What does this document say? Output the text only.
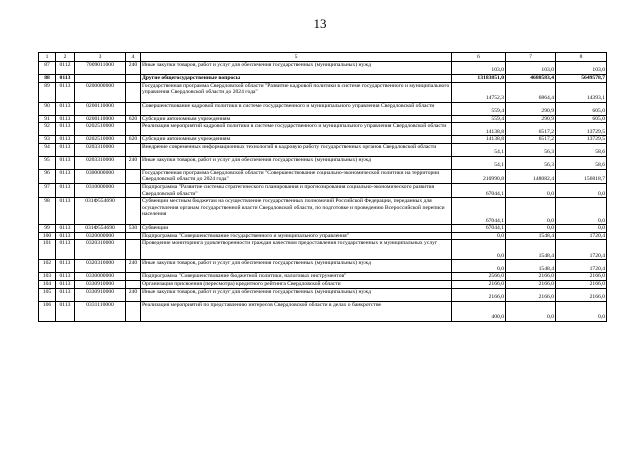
13
1	2	3	4	5	6	7	8
87	0112	7009011000	240	Иные закупки товаров, работ и услуг для обеспечения государственных (муниципальных) нужд	103,0	103,0	103,0
88	0113			Другие общегосударственные вопросы	13183851,0	4680583,4	5649578,7
89	0113	0200000000		Государственная программа Свердловской области "Развитие кадровой политики в системе государственного и муниципального управления Свердловской области до 2024 года"	14752,3	6864,4	14393,1
90	0113	0200110000		Совершенствование кадровой политики в системе государственного и муниципального управления Свердловской области	559,4	290,9	605,0
91	0113	0200110000	620	Субсидии автономным учреждениям	559,4	290,9	605,0
92	0113	0202510000		Реализация мероприятий кадровой политики в системе государственного и муниципального управления Свердловской области	14138,8	6517,2	13729,5
93	0113	0202510000	620	Субсидии автономным учреждениям	14138,8	6517,2	13729,5
94	0113	0203310000		Внедрение современных информационных технологий в кадровую работу государственных органов Свердловской области	54,1	56,3	58,6
95	0113	0203310000	240	Иные закупки товаров, работ и услуг для обеспечения государственных (муниципальных) нужд	54,1	56,3	58,6
96	0113	0300000000		Государственная программа Свердловской области "Совершенствование социально-экономической политики на территории Свердловской области до 2024 года"	210990,8	148082,4	156818,7
97	0113	0310000000		Подпрограмма "Развитие системы стратегического планирования и прогнозирования социально-экономического развития Свердловской области"	67044,1	0,0	0,0
98	0113	031Ф554690		Субвенции местным бюджетам на осуществление государственных полномочий Российской Федерации, переданных для осуществления органам государственной власти Свердловской области, по подготовке и проведению Всероссийской переписи населения	67044,1	0,0	0,0
99	0113	031Ф554690	530	Субвенции	67044,1	0,0	0,0
100	0113	0320000000		Подпрограмма "Совершенствование государственного и муниципального управления"	0,0	1548,4	1720,4
101	0113	0320310000		Проведение мониторинга удовлетворенности граждан качеством предоставления государственных и муниципальных услуг	0,0	1548,4	1720,4
102	0113	0320310000	240	Иные закупки товаров, работ и услуг для обеспечения государственных (муниципальных) нужд	0,0	1548,4	1720,4
103	0113	0330000000		Подпрограмма "Совершенствование бюджетной политики, налоговых инструментов"	2566,0	2166,0	2166,0
104	0113	0330910000		Организация присвоения (пересмотра) кредитного рейтинга Свердловской области	2166,0	2166,0	2166,0
105	0113	0330910000	240	Иные закупки товаров, работ и услуг для обеспечения государственных (муниципальных) нужд	2166,0	2166,0	2166,0
106	0113	0331110000		Реализация мероприятий по представлению интересов Свердловской области в делах о банкротстве	400,0	0,0	0,0
